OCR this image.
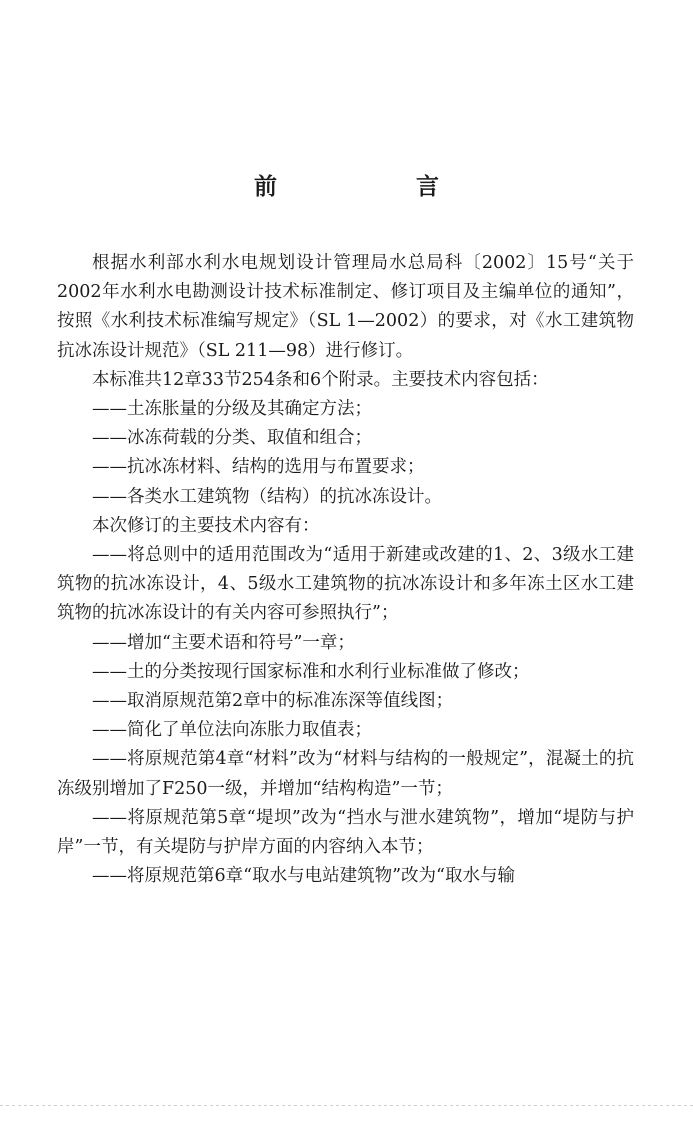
前　言

根据水利部水利水电规划设计管理局水总局科〔2002〕15号“关于2002年水利水电勘测设计技术标准制定、修订项目及主编单位的通知”，按照《水利技术标准编写规定》（SL 1—2002）的要求，对《水工建筑物抗冰冻设计规范》（SL 211—98）进行修订。

本标准共12章33节254条和6个附录。主要技术内容包括：

——土冻胀量的分级及其确定方法；

——冰冻荷载的分类、取值和组合；

——抗冰冻材料、结构的选用与布置要求；

——各类水工建筑物（结构）的抗冰冻设计。

本次修订的主要技术内容有：

——将总则中的适用范围改为“适用于新建或改建的1、2、3级水工建筑物的抗冰冻设计，4、5级水工建筑物的抗冰冻设计和多年冻土区水工建筑物的抗冰冻设计的有关内容可参照执行”；

——增加“主要术语和符号”一章；

——土的分类按现行国家标准和水利行业标准做了修改；

——取消原规范第2章中的标准冻深等值线图；

——简化了单位法向冻胀力取值表；

——将原规范第4章“材料”改为“材料与结构的一般规定”，混凝土的抗冻级别增加了F250一级，并增加“结构构造”一节；

——将原规范第5章“堤坝”改为“挡水与泄水建筑物”，增加“堤防与护岸”一节，有关堤防与护岸方面的内容纳入本节；

——将原规范第6章“取水与电站建筑物”改为“取水与输
